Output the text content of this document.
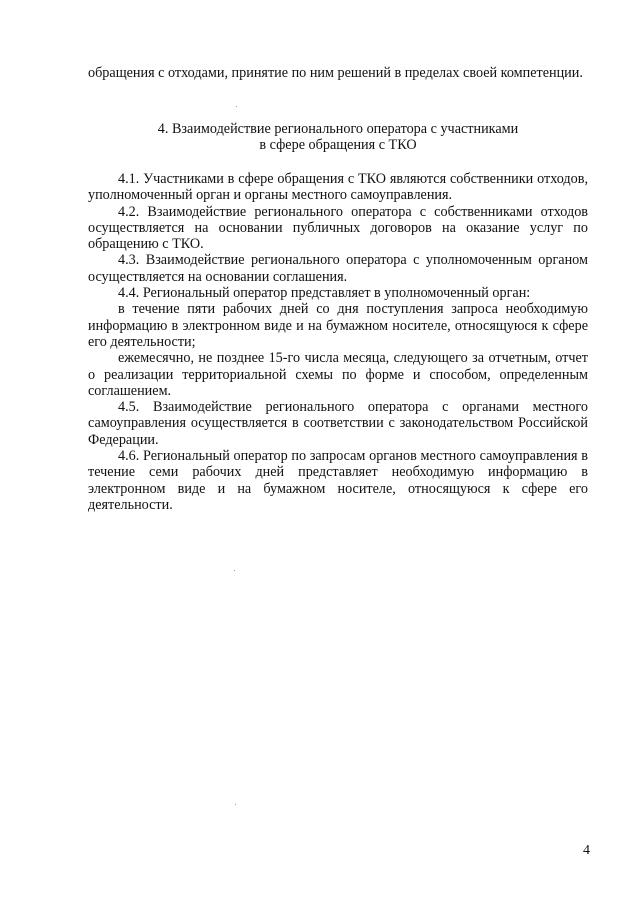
обращения с отходами, принятие по ним решений в пределах своей компетенции.

4. Взаимодействие регионального оператора с участниками
в сфере обращения с ТКО

4.1. Участниками в сфере обращения с ТКО являются собственники отходов, уполномоченный орган и органы местного самоуправления.

4.2. Взаимодействие регионального оператора с собственниками отходов осуществляется на основании публичных договоров на оказание услуг по обращению с ТКО.

4.3. Взаимодействие регионального оператора с уполномоченным органом осуществляется на основании соглашения.

4.4. Региональный оператор представляет в уполномоченный орган:

в течение пяти рабочих дней со дня поступления запроса необходимую информацию в электронном виде и на бумажном носителе, относящуюся к сфере его деятельности;

ежемесячно, не позднее 15-го числа месяца, следующего за отчетным, отчет о реализации территориальной схемы по форме и способом, определенным соглашением.

4.5. Взаимодействие регионального оператора с органами местного самоуправления осуществляется в соответствии с законодательством Российской Федерации.

4.6. Региональный оператор по запросам органов местного самоуправления в течение семи рабочих дней представляет необходимую информацию в электронном виде и на бумажном носителе, относящуюся к сфере его деятельности.

4
